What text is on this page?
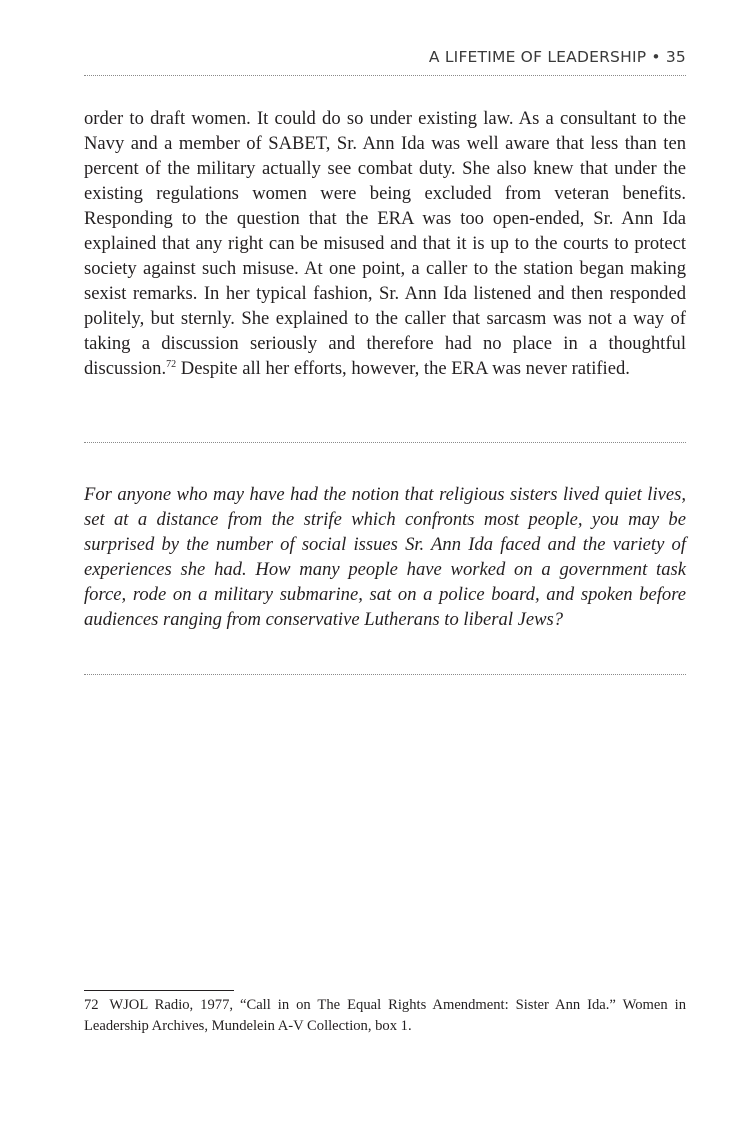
A LIFETIME OF LEADERSHIP • 35

order to draft women. It could do so under existing law. As a consultant to the Navy and a member of SABET, Sr. Ann Ida was well aware that less than ten percent of the military actually see combat duty. She also knew that under the existing regulations women were being excluded from veteran benefits. Responding to the question that the ERA was too open-ended, Sr. Ann Ida explained that any right can be misused and that it is up to the courts to protect society against such misuse. At one point, a caller to the station began making sexist remarks. In her typical fashion, Sr. Ann Ida listened and then responded politely, but sternly. She explained to the caller that sarcasm was not a way of taking a discussion seriously and therefore had no place in a thoughtful discussion.$^{72}$ Despite all her efforts, however, the ERA was never ratified.

For anyone who may have had the notion that religious sisters lived quiet lives, set at a distance from the strife which confronts most people, you may be surprised by the number of social issues Sr. Ann Ida faced and the variety of experiences she had. How many people have worked on a government task force, rode on a military submarine, sat on a police board, and spoken before audiences ranging from conservative Lutherans to liberal Jews?

72 WJOL Radio, 1977, “Call in on The Equal Rights Amendment: Sister Ann Ida.” Women in Leadership Archives, Mundelein A-V Collection, box 1.
